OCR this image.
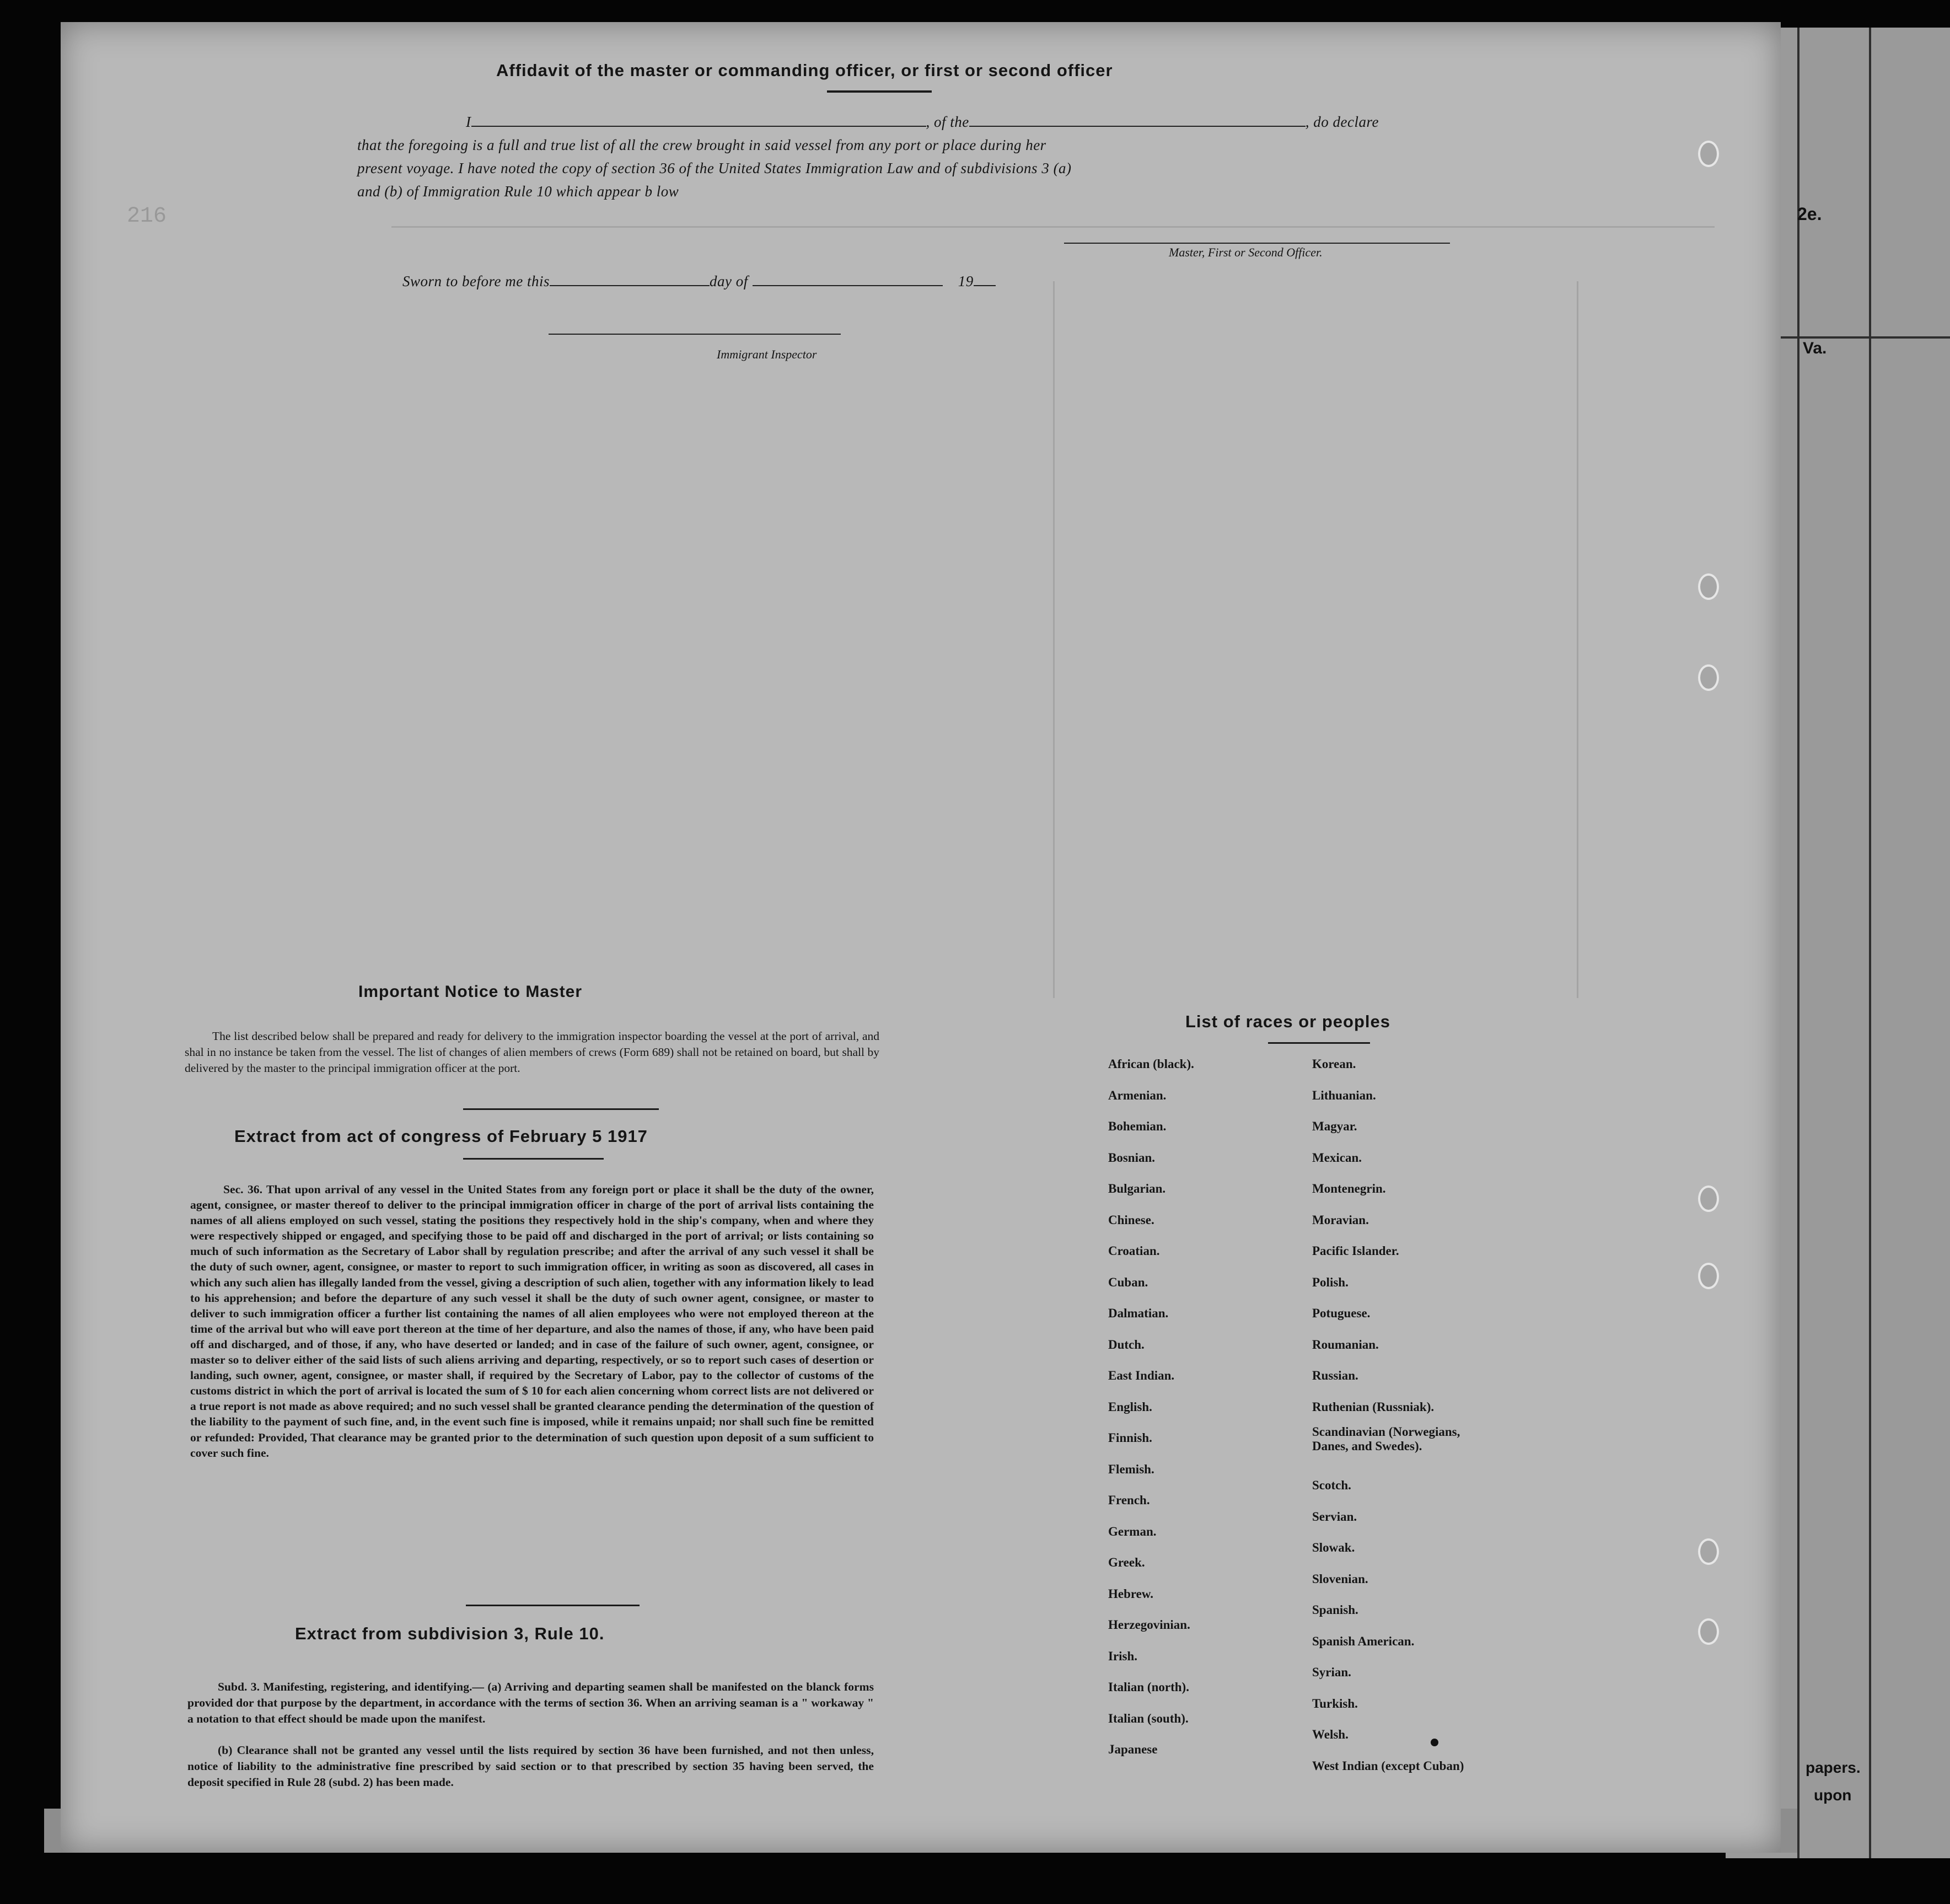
2e.
Va.
papers.
upon
216
Affidavit of the master or commanding officer, or first or second officer
I	, of the	, do declare
that the foregoing is a full and true list of all the crew brought in said vessel from any port or place during her
present voyage. I have noted the copy of section 36 of the United States Immigration Law and of subdivisions 3 (a)
and (b) of Immigration Rule 10 which appear b low
Master, First or Second Officer.
Sworn to before me this	day of	19
Immigrant Inspector
Important Notice to Master
The list described below shall be prepared and ready for delivery to the immigration inspector boarding the vessel at the port of arrival, and shal in no instance be taken from the vessel. The list of changes of alien members of crews (Form 689) shall not be retained on board, but shall by delivered by the master to the principal immigration officer at the port.
Extract from act of congress of February 5 1917
Sec. 36. That upon arrival of any vessel in the United States from any foreign port or place it shall be the duty of the owner, agent, consignee, or master thereof to deliver to the principal immigration officer in charge of the port of arrival lists containing the names of all aliens employed on such vessel, stating the positions they respectively hold in the ship's company, when and where they were respectively shipped or engaged, and specifying those to be paid off and discharged in the port of arrival; or lists containing so much of such information as the Secretary of Labor shall by regulation prescribe; and after the arrival of any such vessel it shall be the duty of such owner, agent, consignee, or master to report to such immigration officer, in writing as soon as discovered, all cases in which any such alien has illegally landed from the vessel, giving a description of such alien, together with any information likely to lead to his apprehension; and before the departure of any such vessel it shall be the duty of such owner agent, consignee, or master to deliver to such immigration officer a further list containing the names of all alien employees who were not employed thereon at the time of the arrival but who will eave port thereon at the time of her departure, and also the names of those, if any, who have been paid off and discharged, and of those, if any, who have deserted or landed; and in case of the failure of such owner, agent, consignee, or master so to deliver either of the said lists of such aliens arriving and departing, respectively, or so to report such cases of desertion or landing, such owner, agent, consignee, or master shall, if required by the Secretary of Labor, pay to the collector of customs of the customs district in which the port of arrival is located the sum of $ 10 for each alien concerning whom correct lists are not delivered or a true report is not made as above required; and no such vessel shall be granted clearance pending the determination of the question of the liability to the payment of such fine, and, in the event such fine is imposed, while it remains unpaid; nor shall such fine be remitted or refunded: Provided, That clearance may be granted prior to the determination of such question upon deposit of a sum sufficient to cover such fine.
Extract from subdivision 3, Rule 10.
Subd. 3. Manifesting, registering, and identifying.— (a) Arriving and departing seamen shall be manifested on the blanck forms provided dor that purpose by the department, in accordance with the terms of section 36. When an arriving seaman is a " workaway " a notation to that effect should be made upon the manifest.
(b) Clearance shall not be granted any vessel until the lists required by section 36 have been furnished, and not then unless, notice of liability to the administrative fine prescribed by said section or to that prescribed by section 35 having been served, the deposit specified in Rule 28 (subd. 2) has been made.
List of races or peoples
African (black).
Armenian.
Bohemian.
Bosnian.
Bulgarian.
Chinese.
Croatian.
Cuban.
Dalmatian.
Dutch.
East Indian.
English.
Finnish.
Flemish.
French.
German.
Greek.
Hebrew.
Herzegovinian.
Irish.
Italian (north).
Italian (south).
Japanese
Korean.
Lithuanian.
Magyar.
Mexican.
Montenegrin.
Moravian.
Pacific Islander.
Polish.
Potuguese.
Roumanian.
Russian.
Ruthenian (Russniak).
Scandinavian (Norwegians,
Danes, and Swedes).
Scotch.
Servian.
Slowak.
Slovenian.
Spanish.
Spanish American.
Syrian.
Turkish.
Welsh.
West Indian (except Cuban)
